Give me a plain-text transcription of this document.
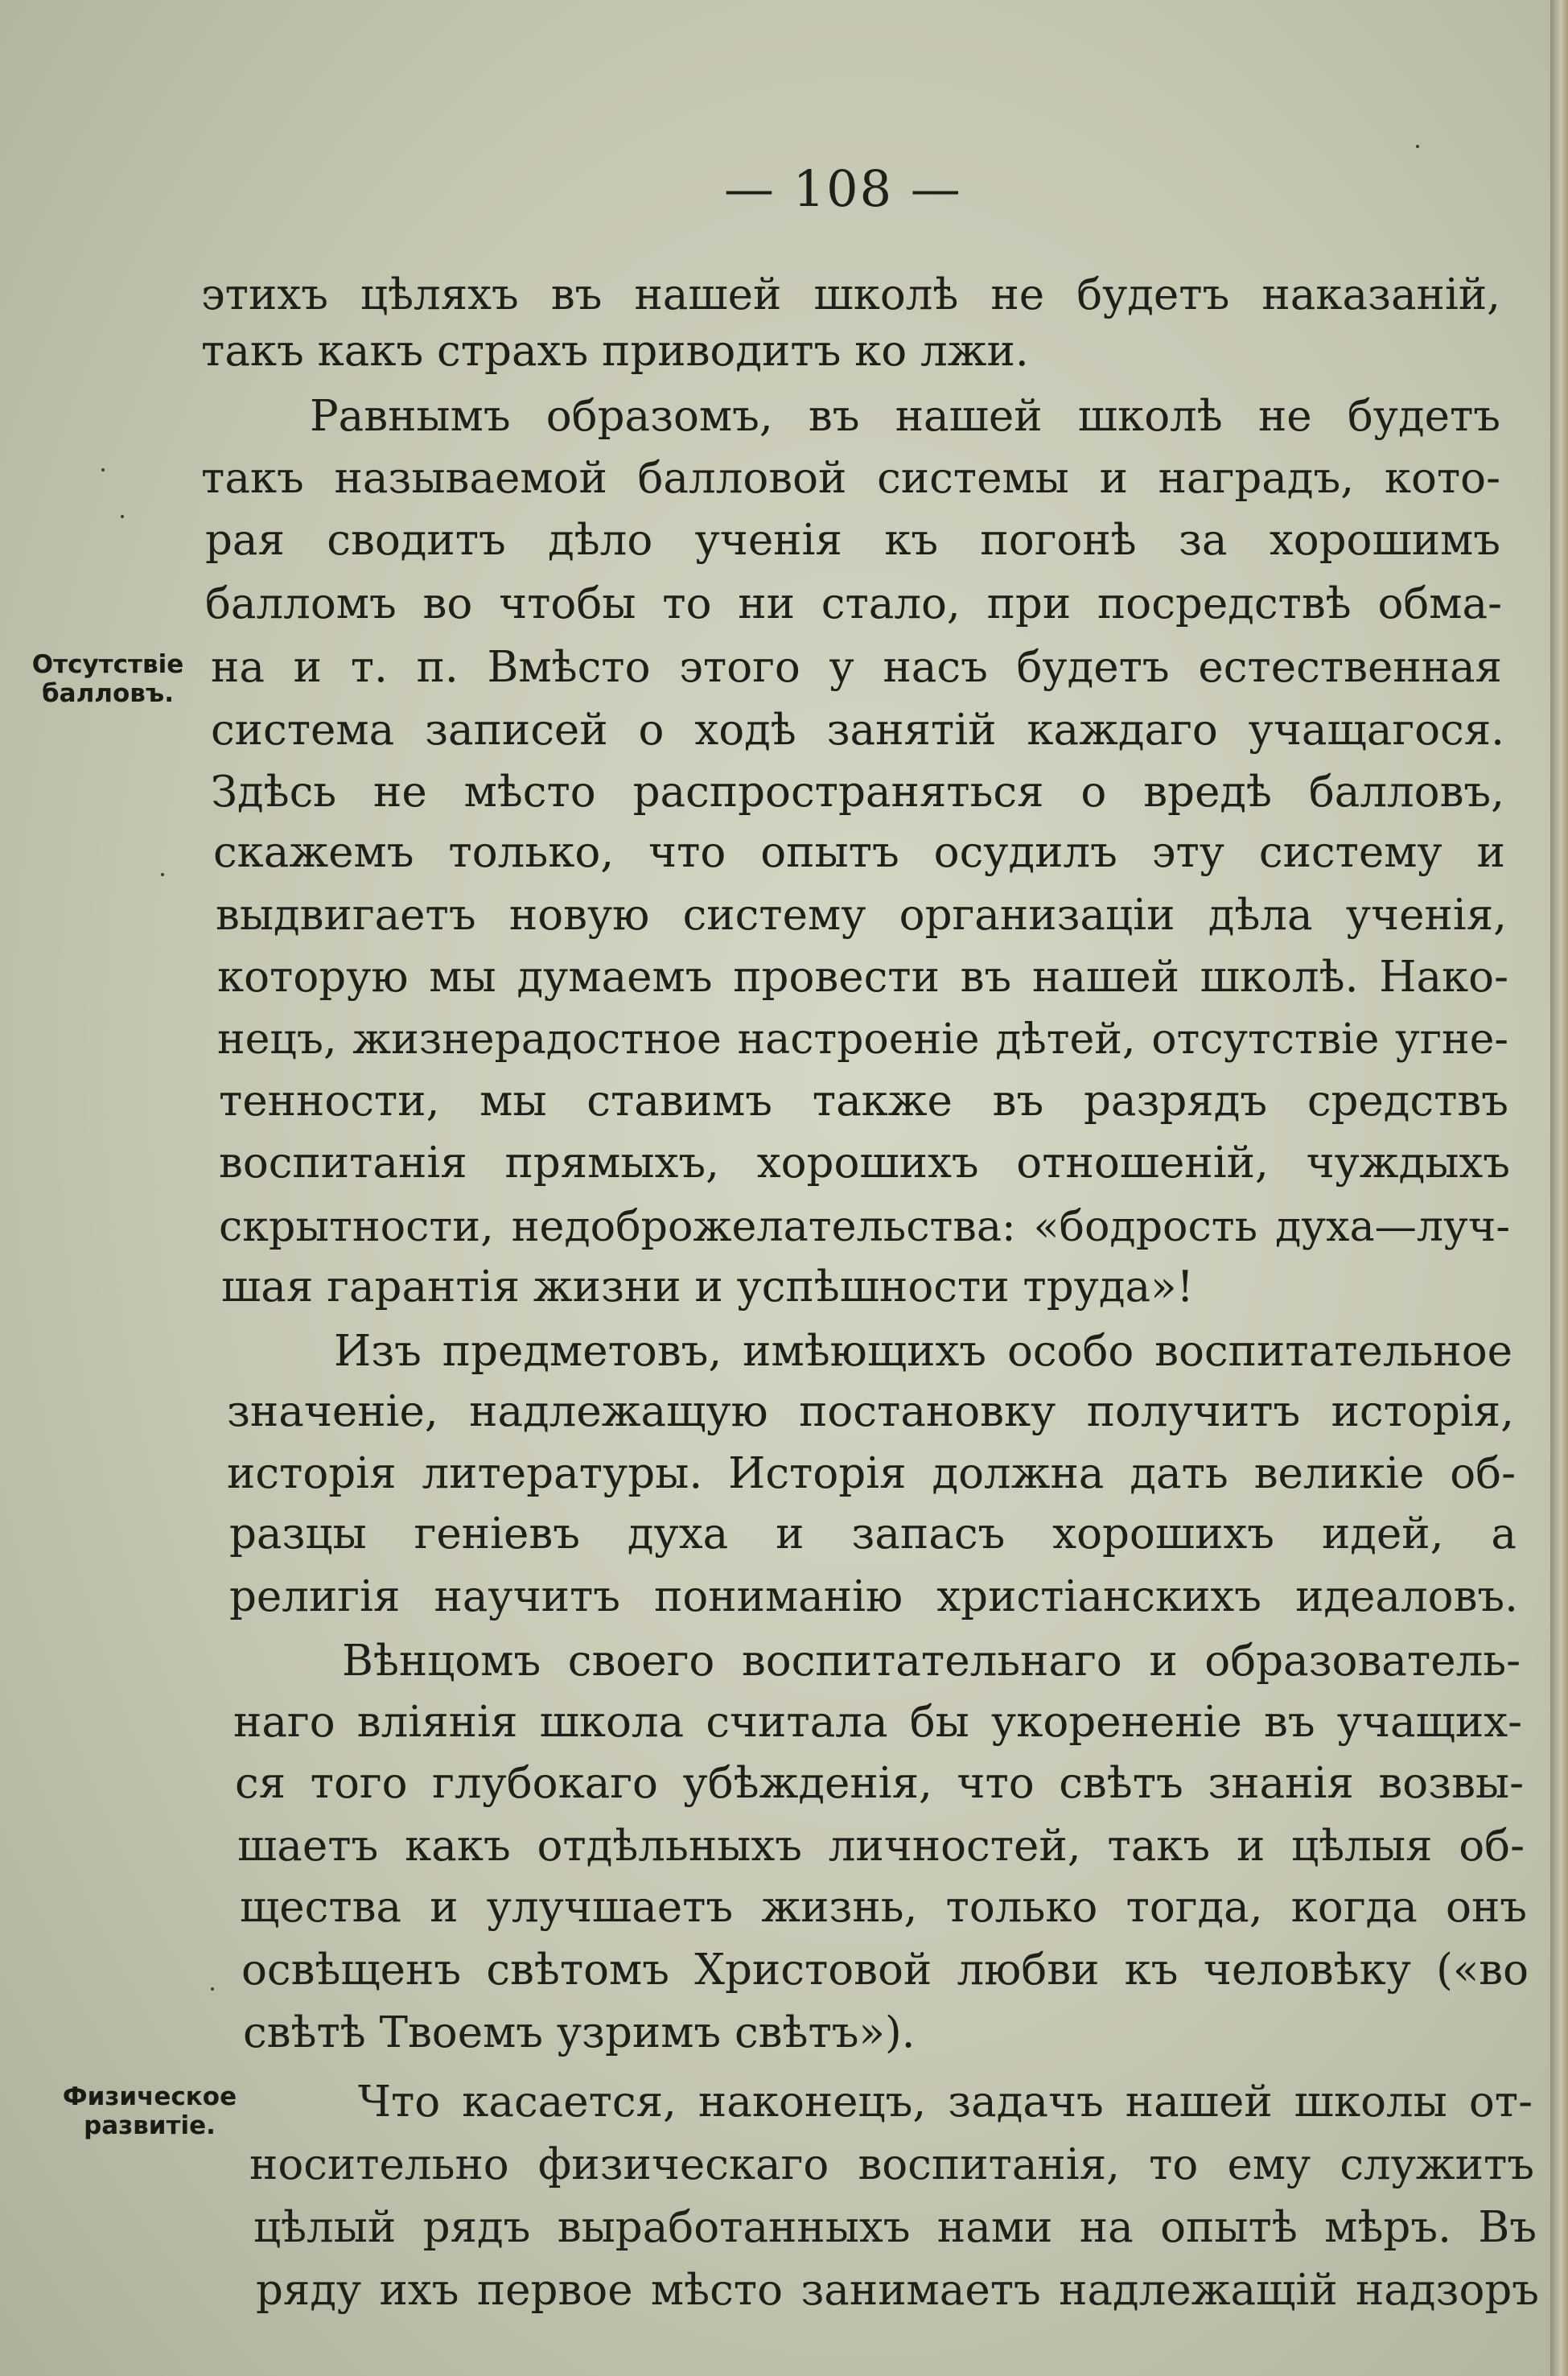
— 108 —
Отсутствіе
балловъ.
Физическое
развитіе.
этихъ цѣляхъ въ нашей школѣ не будетъ наказаній,
такъ какъ страхъ приводитъ ко лжи.
Равнымъ образомъ, въ нашей школѣ не будетъ
такъ называемой балловой системы и наградъ, кото-
рая сводитъ дѣло ученія къ погонѣ за хорошимъ
балломъ во чтобы то ни стало, при посредствѣ обма-
на и т. п. Вмѣсто этого у насъ будетъ естественная
система записей о ходѣ занятій каждаго учащагося.
Здѣсь не мѣсто распространяться о вредѣ балловъ,
скажемъ только, что опытъ осудилъ эту систему и
выдвигаетъ новую систему организаціи дѣла ученія,
которую мы думаемъ провести въ нашей школѣ. Нако-
нецъ, жизнерадостное настроеніе дѣтей, отсутствіе угне-
тенности, мы ставимъ также въ разрядъ средствъ
воспитанія прямыхъ, хорошихъ отношеній, чуждыхъ
скрытности, недоброжелательства: «бодрость духа—луч-
шая гарантія жизни и успѣшности труда»!
Изъ предметовъ, имѣющихъ особо воспитательное
значеніе, надлежащую постановку получитъ исторія,
исторія литературы. Исторія должна дать великіе об-
разцы геніевъ духа и запасъ хорошихъ идей, а
религія научитъ пониманію христіанскихъ идеаловъ.
Вѣнцомъ своего воспитательнаго и образователь-
наго вліянія школа считала бы укорененіе въ учащих-
ся того глубокаго убѣжденія, что свѣтъ знанія возвы-
шаетъ какъ отдѣльныхъ личностей, такъ и цѣлыя об-
щества и улучшаетъ жизнь, только тогда, когда онъ
освѣщенъ свѣтомъ Христовой любви къ человѣку («во
свѣтѣ Твоемъ узримъ свѣтъ»).
Что касается, наконецъ, задачъ нашей школы от-
носительно физическаго воспитанія, то ему служитъ
цѣлый рядъ выработанныхъ нами на опытѣ мѣръ. Въ
ряду ихъ первое мѣсто занимаетъ надлежащій надзоръ
